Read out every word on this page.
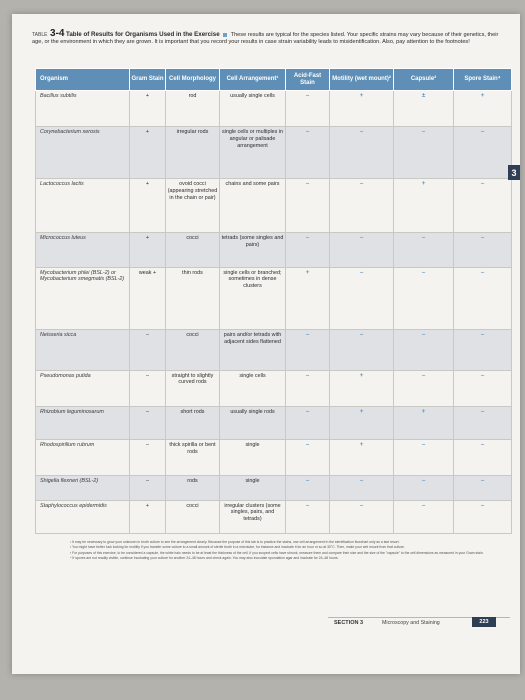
TABLE 3-4 Table of Results for Organisms Used in the Exercise These results are typical for the species listed. Your specific strains may vary because of their genetics, their age, or the environment in which they are grown. It is important that you record your results in case strain variability leads to misidentification. Also, pay attention to the footnotes!
Organism	Gram Stain	Cell Morphology	Cell Arrangement¹	Acid-Fast Stain	Motility (wet mount)²	Capsule³	Spore Stain⁴
Bacillus subtilis	+	rod	usually single cells	–	+	±	+
Corynebacterium xerosis	+	irregular rods	single cells or multiples in angular or palisade arrangement	–	–	–	–
Lactococcus lactis	+	ovoid cocci (appearing stretched in the chain or pair)	chains and some pairs	–	–	+	–
Micrococcus luteus	+	cocci	tetrads (some singles and pairs)	–	–	–	–
Mycobacterium phlei (BSL-2) or Mycobacterium smegmatis (BSL-2)	weak +	thin rods	single cells or branched; sometimes in dense clusters	+	–	–	–
Neisseria sicca	–	cocci	pairs and/or tetrads with adjacent sides flattened	–	–	–	–
Pseudomonas putida	–	straight to slightly curved rods	single cells	–	+	–	–
Rhizobium leguminosarum	–	short rods	usually single rods	–	+	+	–
Rhodospirillum rubrum	–	thick spirilla or bent rods	single	–	+	–	–
Shigella flexneri (BSL-2)	–	rods	single	–	–	–	–
Staphylococcus epidermidis	+	cocci	irregular clusters (some singles, pairs, and tetrads)	–	–	–	–
3
¹ It may be necessary to grow your unknown in broth culture to see the arrangement clearly. Because the purpose of this lab is to practice the stains, use cell arrangement in the identification flowchart only as a last resort.
² You might have better luck looking for motility if you transfer some culture to a small amount of sterile broth in a microtube, for instance and incubate it for an hour or so at 30°C. Then, make your wet mount from that culture.
³ For purposes of this exercise, to be considered a capsule, the white halo needs to be at least the thickness of the cell. If you suspect cells have shrunk, measure them and compare their size and the size of the "capsule" to the cell dimensions as measured in your Gram stain.
⁴ If spores are not readily visible, continue incubating your culture for another 24–48 hours and check again. You may also inoculate sporulation agar and incubate for 24–48 hours.
SECTION 3	Microscopy and Staining	223
